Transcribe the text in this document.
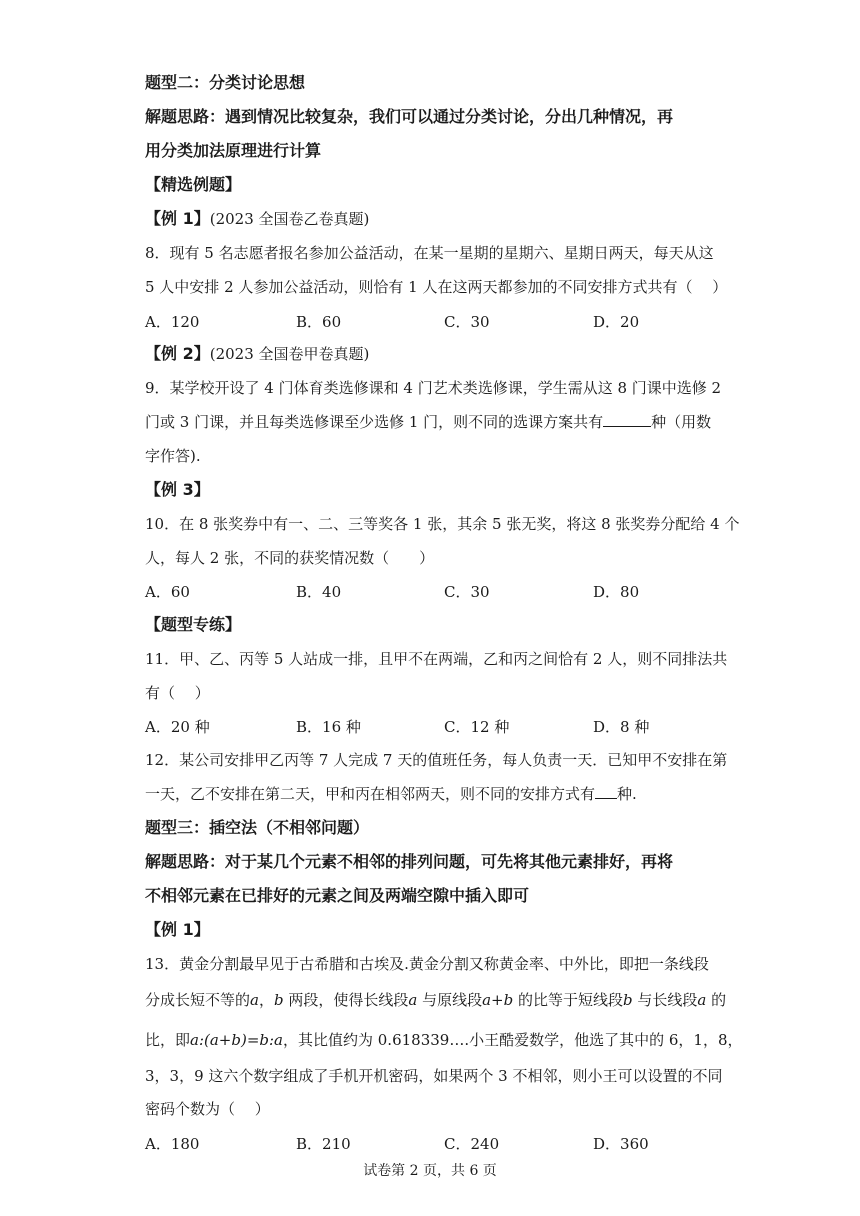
题型二：分类讨论思想
解题思路：遇到情况比较复杂，我们可以通过分类讨论，分出几种情况，再
用分类加法原理进行计算
【精选例题】
【例 1】(2023 全国卷乙卷真题)
8．现有 5 名志愿者报名参加公益活动，在某一星期的星期六、星期日两天，每天从这
5 人中安排 2 人参加公益活动，则恰有 1 人在这两天都参加的不同安排方式共有（　 ）
A．120	B．60	C．30	D．20
【例 2】(2023 全国卷甲卷真题)
9．某学校开设了 4 门体育类选修课和 4 门艺术类选修课，学生需从这 8 门课中选修 2
门或 3 门课，并且每类选修课至少选修 1 门，则不同的选课方案共有	种（用数
字作答).
【例 3】
10．在 8 张奖券中有一、二、三等奖各 1 张，其余 5 张无奖，将这 8 张奖券分配给 4 个
人，每人 2 张，不同的获奖情况数（　　）
A．60	B．40	C．30	D．80
【题型专练】
11．甲、乙、丙等 5 人站成一排，且甲不在两端，乙和丙之间恰有 2 人，则不同排法共
有（　 ）
A．20 种	B．16 种	C．12 种	D．8 种
12．某公司安排甲乙丙等 7 人完成 7 天的值班任务，每人负责一天．已知甲不安排在第
一天，乙不安排在第二天，甲和丙在相邻两天，则不同的安排方式有 种.
题型三：插空法（不相邻问题）
解题思路：对于某几个元素不相邻的排列问题，可先将其他元素排好，再将
不相邻元素在已排好的元素之间及两端空隙中插入即可
【例 1】
13．黄金分割最早见于古希腊和古埃及.黄金分割又称黄金率、中外比，即把一条线段
分成长短不等的a，b 两段，使得长线段a 与原线段a+b 的比等于短线段b 与长线段a 的
比，即a:(a+b)=b:a，其比值约为 0.618339….小王酷爱数学，他选了其中的 6，1，8，
3，3，9 这六个数字组成了手机开机密码，如果两个 3 不相邻，则小王可以设置的不同
密码个数为（　 ）
A．180	B．210	C．240	D．360
试卷第 2 页，共 6 页
